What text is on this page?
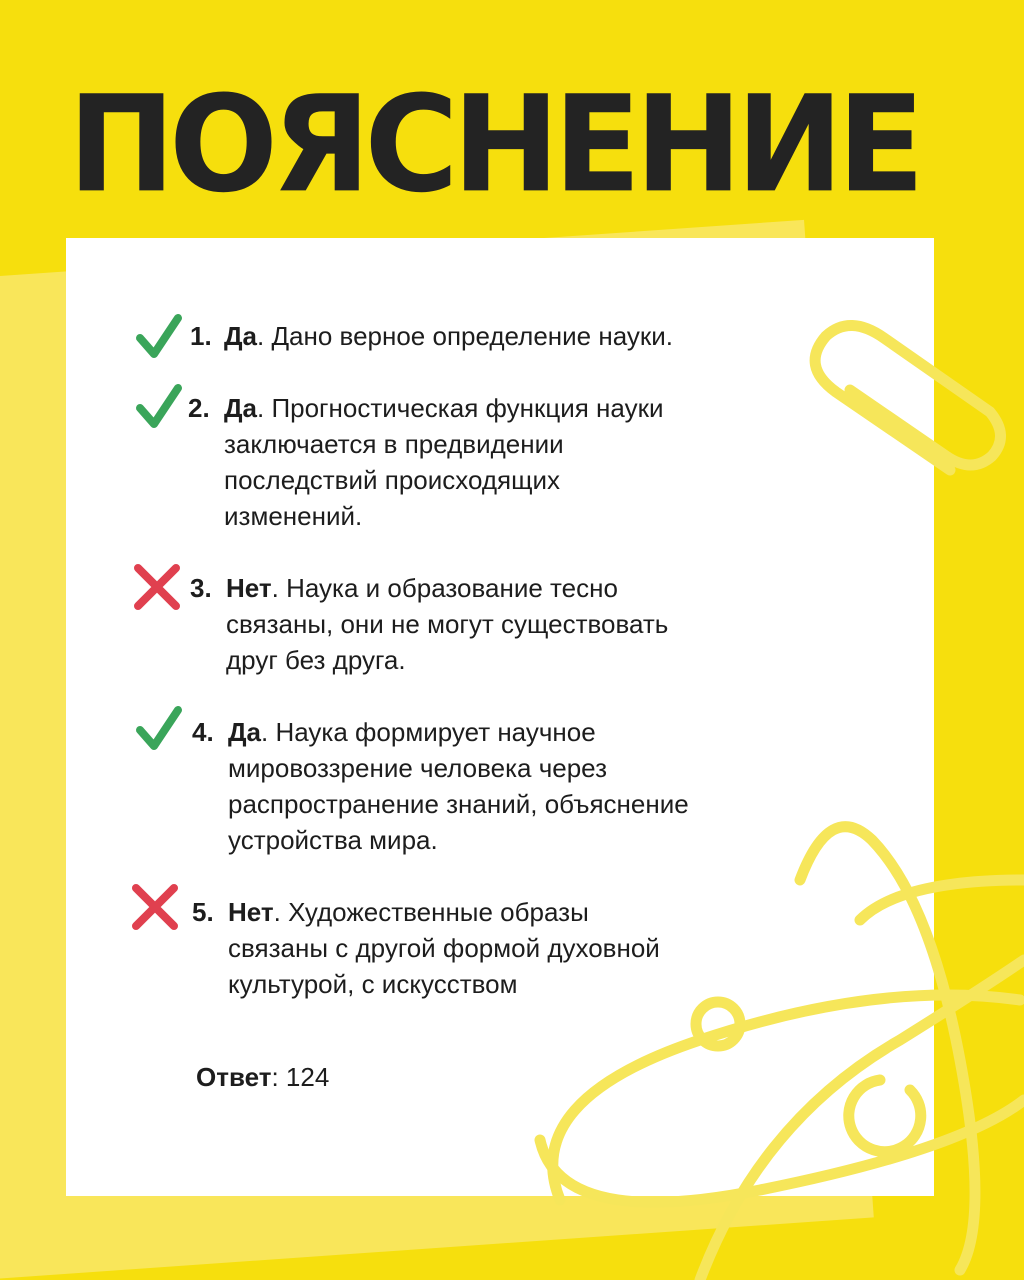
ПОЯСНЕНИЕ
1. Да. Дано верное определение науки.
2. Да. Прогностическая функция науки
заключается в предвидении
последствий происходящих
изменений.
3. Нет. Наука и образование тесно
связаны, они не могут существовать
друг без друга.
4. Да. Наука формирует научное
мировоззрение человека через
распространение знаний, объяснение
устройства мира.
5. Нет. Художественные образы
связаны с другой формой духовной
культурой, с искусством
Ответ: 124
